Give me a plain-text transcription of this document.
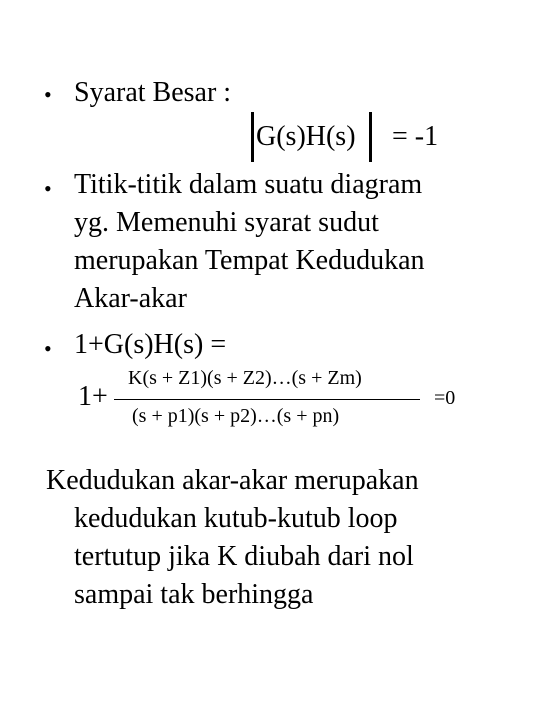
• Syarat Besar :
G(s)H(s) = -1
• Titik-titik dalam suatu diagram
yg. Memenuhi syarat sudut
merupakan Tempat Kedudukan
Akar-akar
• 1+G(s)H(s) =
1+
K(s + Z1)(s + Z2)…(s + Zm)
(s + p1)(s + p2)…(s + pn)
=0
Kedudukan akar-akar merupakan
kedudukan kutub-kutub loop
tertutup jika K diubah dari nol
sampai tak berhingga
